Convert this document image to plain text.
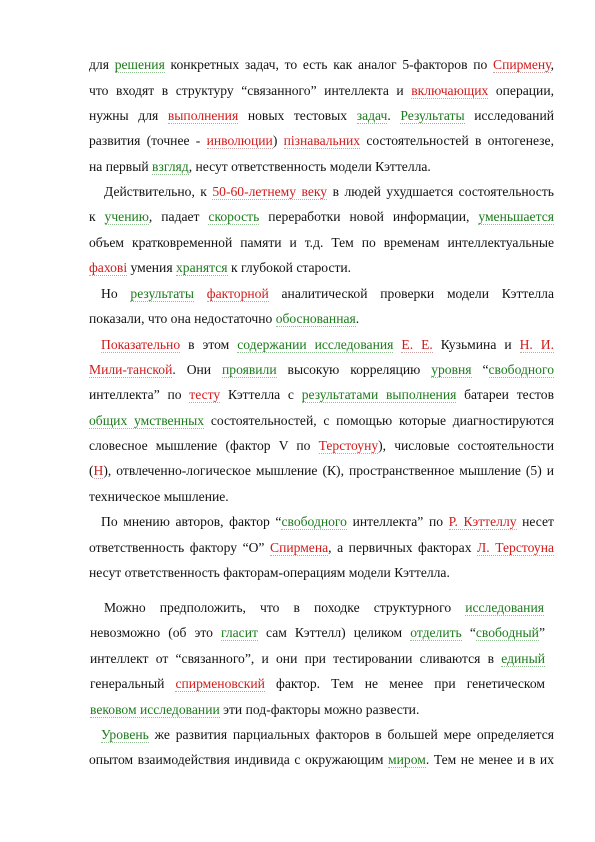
для решения конкретных задач, то есть как аналог 5-факторов по Спирмену,
что входят в структуру “связанного” интеллекта и включающих операции,
нужны для выполнения новых тестовых задач. Результаты исследований
развития (точнее - инволюции) пізнавальних состоятельностей в онтогенезе,
на первый взгляд, несут ответственность модели Кэттелла.
Действительно, к 50-60-летнему веку в людей ухудшается состоятельность
к учению, падает скорость переработки новой информации, уменьшается
объем кратковременной памяти и т.д. Тем по временам интеллектуальные
фахові умения хранятся к глубокой старости.
Но результаты факторной аналитической проверки модели Кэттелла
показали, что она недостаточно обоснованная.
Показательно в этом содержании исследования Е. Е. Кузьмина и Н. И.
Мили-танской. Они проявили высокую корреляцию уровня “свободного
интеллекта” по тесту Кэттелла с результатами выполнения батареи тестов
общих умственных состоятельностей, с помощью которые диагностируются
словесное мышление (фактор V по Терстоуну), числовые состоятельности
(Н), отвлеченно-логическое мышление (К), пространственное мышление (5) и
техническое мышление.
По мнению авторов, фактор “свободного интеллекта” по Р. Кэттеллу несет
ответственность фактору “О” Спирмена, а первичных факторах Л. Терстоуна
несут ответственность факторам-операциям модели Кэттелла.
Можно предположить, что в походке структурного исследования
невозможно (об это гласит сам Кэттелл) целиком отделить “свободный”
интеллект от “связанного”, и они при тестировании сливаются в единый
генеральный спирменовский фактор. Тем не менее при генетическом
вековом исследовании эти под-факторы можно развести.
Уровень же развития парциальных факторов в большей мере определяется
опытом взаимодействия индивида с окружающим миром. Тем не менее и в их
